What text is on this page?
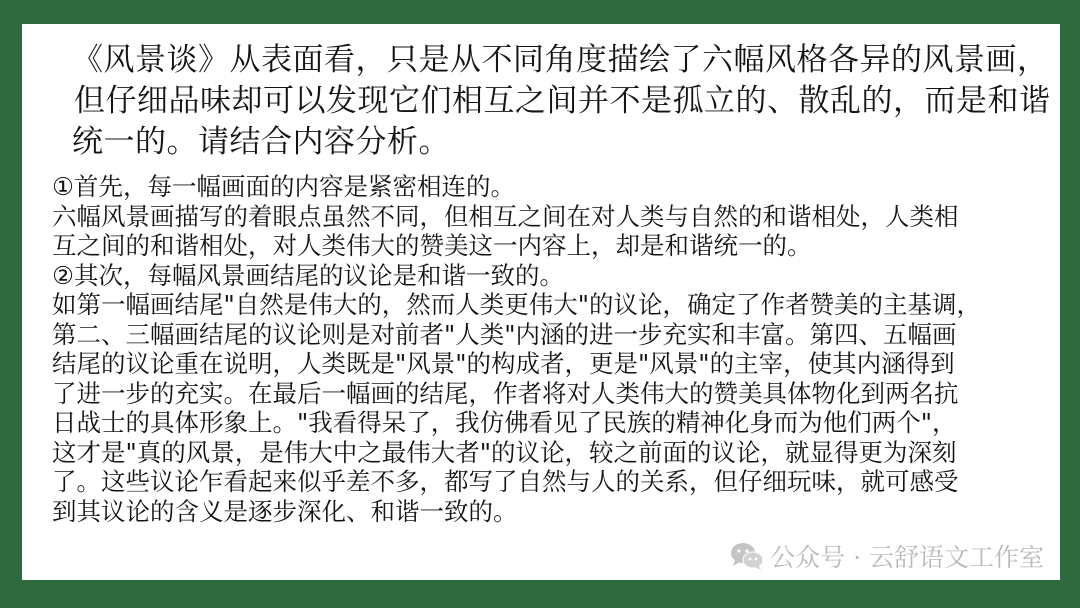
《风景谈》从表面看，只是从不同角度描绘了六幅风格各异的风景画，
但仔细品味却可以发现它们相互之间并不是孤立的、散乱的，而是和谐
统一的。请结合内容分析。
①首先，每一幅画面的内容是紧密相连的。
六幅风景画描写的着眼点虽然不同，但相互之间在对人类与自然的和谐相处，人类相
互之间的和谐相处，对人类伟大的赞美这一内容上，却是和谐统一的。
②其次，每幅风景画结尾的议论是和谐一致的。
如第一幅画结尾"自然是伟大的，然而人类更伟大"的议论，确定了作者赞美的主基调，
第二、三幅画结尾的议论则是对前者"人类"内涵的进一步充实和丰富。第四、五幅画
结尾的议论重在说明，人类既是"风景"的构成者，更是"风景"的主宰，使其内涵得到
了进一步的充实。在最后一幅画的结尾，作者将对人类伟大的赞美具体物化到两名抗
日战士的具体形象上。"我看得呆了，我仿佛看见了民族的精神化身而为他们两个"，
这才是"真的风景，是伟大中之最伟大者"的议论，较之前面的议论，就显得更为深刻
了。这些议论乍看起来似乎差不多，都写了自然与人的关系，但仔细玩味，就可感受
到其议论的含义是逐步深化、和谐一致的。
公众号 · 云舒语文工作室
